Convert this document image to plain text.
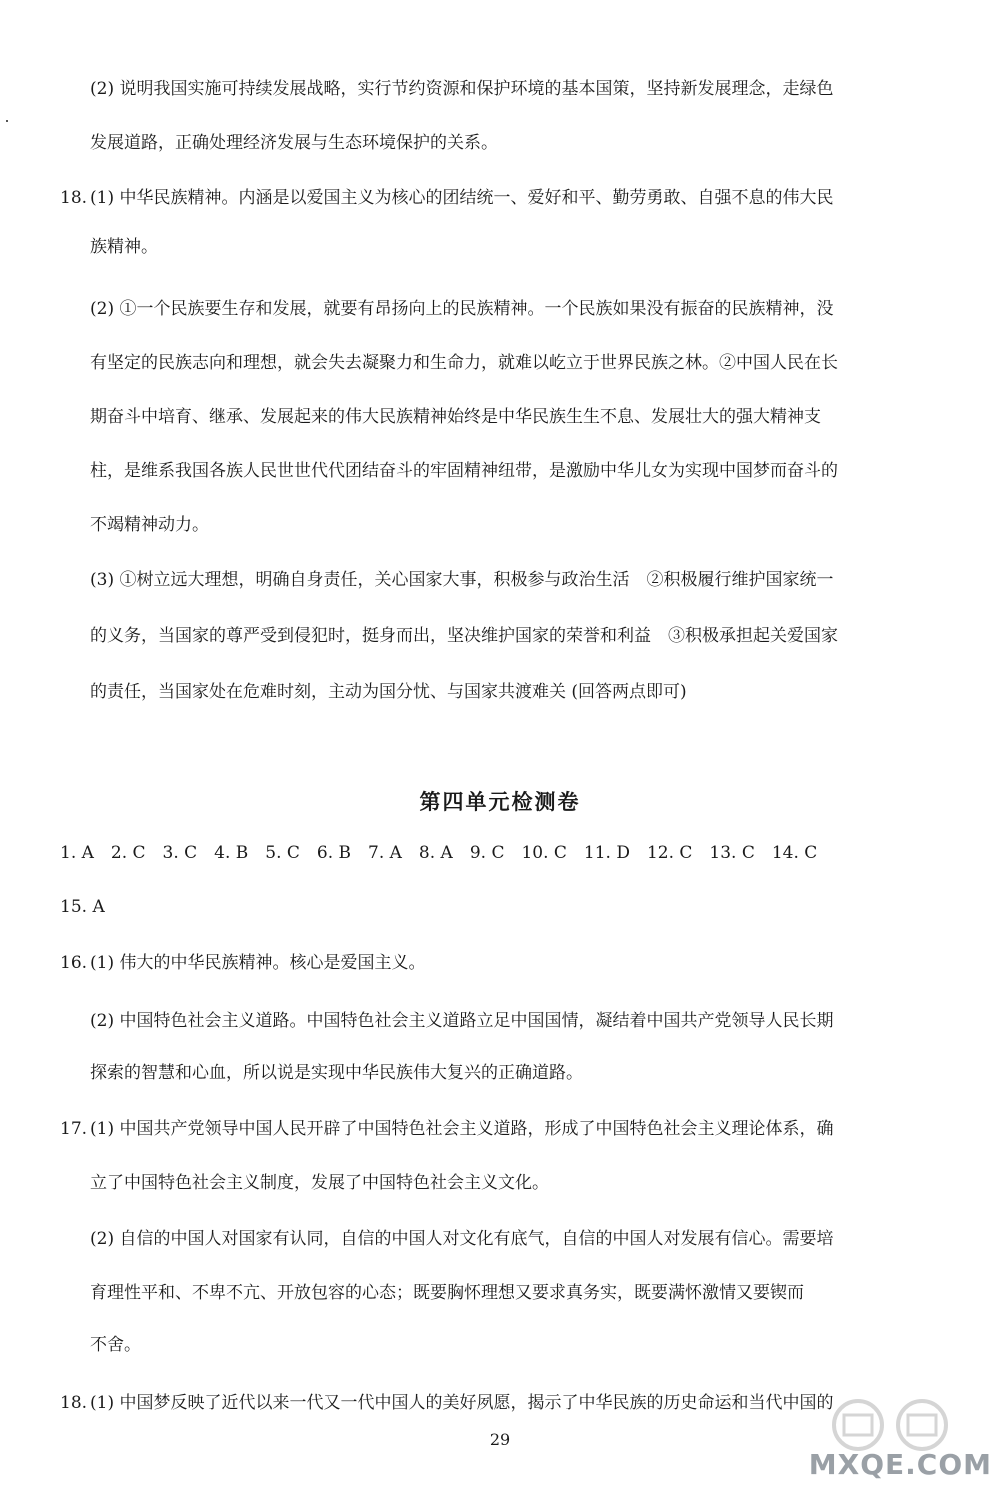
(2) 说明我国实施可持续发展战略，实行节约资源和保护环境的基本国策，坚持新发展理念，走绿色

发展道路，正确处理经济发展与生态环境保护的关系。

18. (1) 中华民族精神。内涵是以爱国主义为核心的团结统一、爱好和平、勤劳勇敢、自强不息的伟大民

族精神。

(2) ①一个民族要生存和发展，就要有昂扬向上的民族精神。一个民族如果没有振奋的民族精神，没

有坚定的民族志向和理想，就会失去凝聚力和生命力，就难以屹立于世界民族之林。②中国人民在长

期奋斗中培育、继承、发展起来的伟大民族精神始终是中华民族生生不息、发展壮大的强大精神支

柱，是维系我国各族人民世世代代团结奋斗的牢固精神纽带，是激励中华儿女为实现中国梦而奋斗的

不竭精神动力。

(3) ①树立远大理想，明确自身责任，关心国家大事，积极参与政治生活　②积极履行维护国家统一

的义务，当国家的尊严受到侵犯时，挺身而出，坚决维护国家的荣誉和利益　③积极承担起关爱国家

的责任，当国家处在危难时刻，主动为国分忧、与国家共渡难关 (回答两点即可)

第四单元检测卷

1. A　2. C　3. C　4. B　5. C　6. B　7. A　8. A　9. C　10. C　11. D　12. C　13. C　14. C

15. A

16. (1) 伟大的中华民族精神。核心是爱国主义。

(2) 中国特色社会主义道路。中国特色社会主义道路立足中国国情，凝结着中国共产党领导人民长期

探索的智慧和心血，所以说是实现中华民族伟大复兴的正确道路。

17. (1) 中国共产党领导中国人民开辟了中国特色社会主义道路，形成了中国特色社会主义理论体系，确

立了中国特色社会主义制度，发展了中国特色社会主义文化。

(2) 自信的中国人对国家有认同，自信的中国人对文化有底气，自信的中国人对发展有信心。需要培

育理性平和、不卑不亢、开放包容的心态；既要胸怀理想又要求真务实，既要满怀激情又要锲而

不舍。

18. (1) 中国梦反映了近代以来一代又一代中国人的美好夙愿，揭示了中华民族的历史命运和当代中国的

29
MXQE.COM
